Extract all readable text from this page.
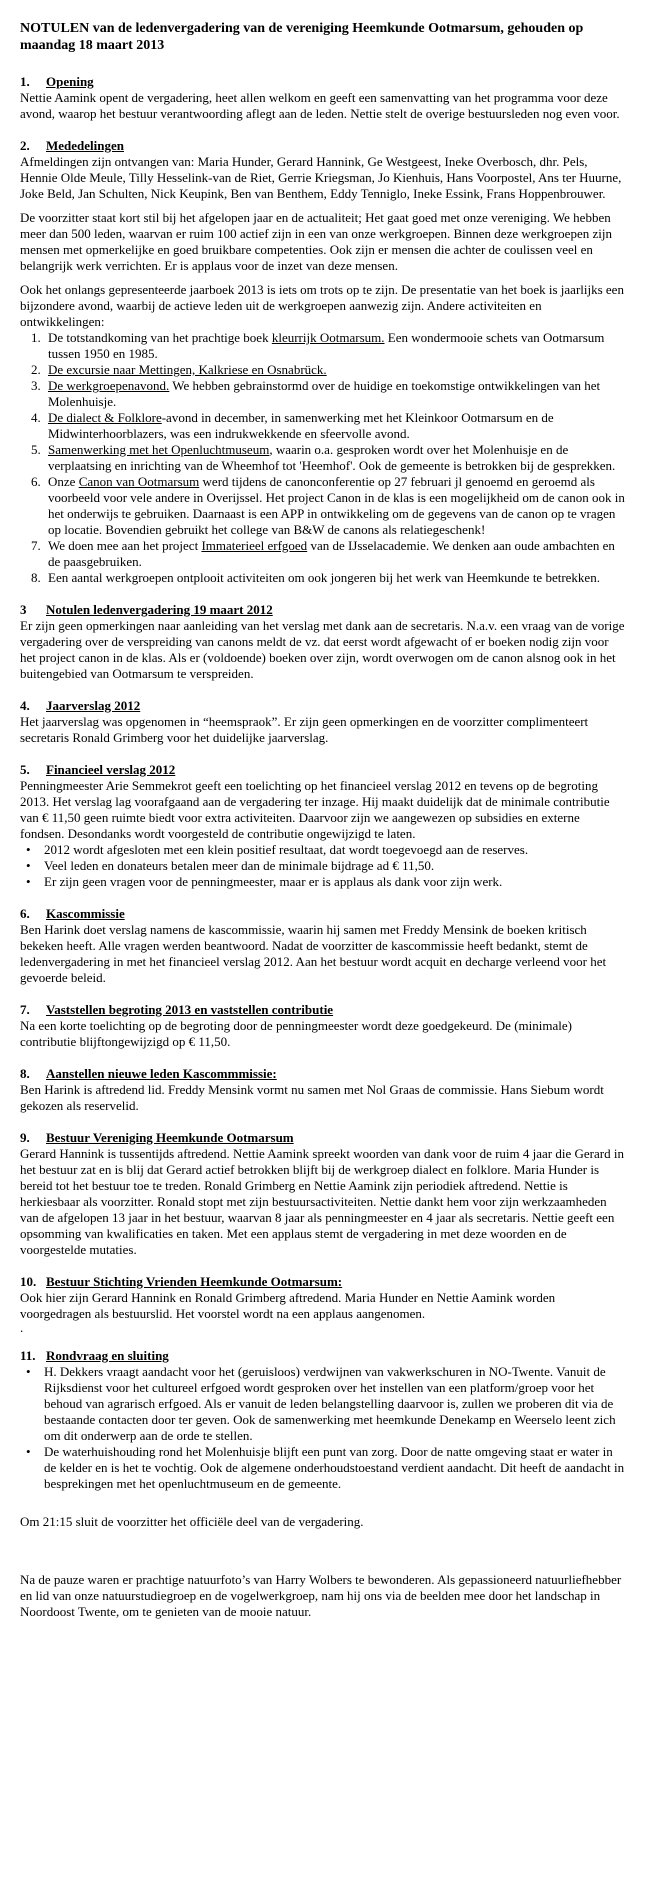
NOTULEN van de ledenvergadering van de vereniging Heemkunde Ootmarsum, gehouden op maandag 18 maart 2013
1. Opening

Nettie Aamink opent de vergadering, heet allen welkom en geeft een samenvatting van het programma voor deze avond, waarop het bestuur verantwoording aflegt aan de leden. Nettie stelt de overige bestuursleden nog even voor.

2. Mededelingen

Afmeldingen zijn ontvangen van: Maria Hunder, Gerard Hannink, Ge Westgeest, Ineke Overbosch, dhr. Pels, Hennie Olde Meule, Tilly Hesselink-van de Riet, Gerrie Kriegsman, Jo Kienhuis, Hans Voorpostel, Ans ter Huurne, Joke Beld, Jan Schulten, Nick Keupink, Ben van Benthem, Eddy Tenniglo, Ineke Essink, Frans Hoppenbrouwer.

De voorzitter staat kort stil bij het afgelopen jaar en de actualiteit; Het gaat goed met onze vereniging. We hebben meer dan 500 leden, waarvan er ruim 100 actief zijn in een van onze werkgroepen. Binnen deze werkgroepen zijn mensen met opmerkelijke en goed bruikbare competenties. Ook zijn er mensen die achter de coulissen veel en belangrijk werk verrichten. Er is applaus voor de inzet van deze mensen.

Ook het onlangs gepresenteerde jaarboek 2013 is iets om trots op te zijn. De presentatie van het boek is jaarlijks een bijzondere avond, waarbij de actieve leden uit de werkgroepen aanwezig zijn. Andere activiteiten en ontwikkelingen:

1. De totstandkoming van het prachtige boek kleurrijk Ootmarsum. Een wondermooie schets van Ootmarsum tussen 1950 en 1985.
2. De excursie naar Mettingen, Kalkriese en Osnabrück.
3. De werkgroepenavond. We hebben gebrainstormd over de huidige en toekomstige ontwikkelingen van het Molenhuisje.
4. De dialect & Folklore-avond in december, in samenwerking met het Kleinkoor Ootmarsum en de Midwinterhoorblazers, was een indrukwekkende en sfeervolle avond.
5. Samenwerking met het Openluchtmuseum, waarin o.a. gesproken wordt over het Molenhuisje en de verplaatsing en inrichting van de Wheemhof tot 'Heemhof'. Ook de gemeente is betrokken bij de gesprekken.
6. Onze Canon van Ootmarsum werd tijdens de canonconferentie op 27 februari jl genoemd en geroemd als voorbeeld voor vele andere in Overijssel. Het project Canon in de klas is een mogelijkheid om de canon ook in het onderwijs te gebruiken. Daarnaast is een APP in ontwikkeling om de gegevens van de canon op te vragen op locatie. Bovendien gebruikt het college van B&W de canons als relatiegeschenk!
7. We doen mee aan het project Immaterieel erfgoed van de IJsselacademie. We denken aan oude ambachten en de paasgebruiken.
8. Een aantal werkgroepen ontplooit activiteiten om ook jongeren bij het werk van Heemkunde te betrekken.
3 Notulen ledenvergadering 19 maart 2012

Er zijn geen opmerkingen naar aanleiding van het verslag met dank aan de secretaris. N.a.v. een vraag van de vorige vergadering over de verspreiding van canons meldt de vz. dat eerst wordt afgewacht of er boeken nodig zijn voor het project canon in de klas. Als er (voldoende) boeken over zijn, wordt overwogen om de canon alsnog ook in het buitengebied van Ootmarsum te verspreiden.

4. Jaarverslag 2012

Het jaarverslag was opgenomen in “heemspraok”. Er zijn geen opmerkingen en de voorzitter complimenteert secretaris Ronald Grimberg voor het duidelijke jaarverslag.

5. Financieel verslag 2012

Penningmeester Arie Semmekrot geeft een toelichting op het financieel verslag 2012 en tevens op de begroting 2013. Het verslag lag voorafgaand aan de vergadering ter inzage. Hij maakt duidelijk dat de minimale contributie van € 11,50 geen ruimte biedt voor extra activiteiten. Daarvoor zijn we aangewezen op subsidies en externe fondsen. Desondanks wordt voorgesteld de contributie ongewijzigd te laten.

• 2012 wordt afgesloten met een klein positief resultaat, dat wordt toegevoegd aan de reserves.
• Veel leden en donateurs betalen meer dan de minimale bijdrage ad € 11,50.
• Er zijn geen vragen voor de penningmeester, maar er is applaus als dank voor zijn werk.
6. Kascommissie

Ben Harink doet verslag namens de kascommissie, waarin hij samen met Freddy Mensink de boeken kritisch bekeken heeft. Alle vragen werden beantwoord. Nadat de voorzitter de kascommissie heeft bedankt, stemt de ledenvergadering in met het financieel verslag 2012. Aan het bestuur wordt acquit en decharge verleend voor het gevoerde beleid.

7. Vaststellen begroting 2013 en vaststellen contributie

Na een korte toelichting op de begroting door de penningmeester wordt deze goedgekeurd. De (minimale) contributie blijftongewijzigd op € 11,50.

8. Aanstellen nieuwe leden Kascommmissie:

Ben Harink is aftredend lid. Freddy Mensink vormt nu samen met Nol Graas de commissie. Hans Siebum wordt gekozen als reservelid.

9. Bestuur Vereniging Heemkunde Ootmarsum

Gerard Hannink is tussentijds aftredend. Nettie Aamink spreekt woorden van dank voor de ruim 4 jaar die Gerard in het bestuur zat en is blij dat Gerard actief betrokken blijft bij de werkgroep dialect en folklore. Maria Hunder is bereid tot het bestuur toe te treden. Ronald Grimberg en Nettie Aamink zijn periodiek aftredend. Nettie is herkiesbaar als voorzitter. Ronald stopt met zijn bestuursactiviteiten. Nettie dankt hem voor zijn werkzaamheden van de afgelopen 13 jaar in het bestuur, waarvan 8 jaar als penningmeester en 4 jaar als secretaris. Nettie geeft een opsomming van kwalificaties en taken. Met een applaus stemt de vergadering in met deze woorden en de voorgestelde mutaties.

10. Bestuur Stichting Vrienden Heemkunde Ootmarsum:

Ook hier zijn Gerard Hannink en Ronald Grimberg aftredend. Maria Hunder en Nettie Aamink worden voorgedragen als bestuurslid. Het voorstel wordt na een applaus aangenomen.

.
11. Rondvraag en sluiting
• H. Dekkers vraagt aandacht voor het (geruisloos) verdwijnen van vakwerkschuren in NO-Twente. Vanuit de Rijksdienst voor het cultureel erfgoed wordt gesproken over het instellen van een platform/groep voor het behoud van agrarisch erfgoed. Als er vanuit de leden belangstelling daarvoor is, zullen we proberen dit via de bestaande contacten door ter geven. Ook de samenwerking met heemkunde Denekamp en Weerselo leent zich om dit onderwerp aan de orde te stellen.
• De waterhuishouding rond het Molenhuisje blijft een punt van zorg. Door de natte omgeving staat er water in de kelder en is het te vochtig. Ook de algemene onderhoudstoestand verdient aandacht. Dit heeft de aandacht in besprekingen met het openluchtmuseum en de gemeente.

Om 21:15 sluit de voorzitter het officiële deel van de vergadering.

Na de pauze waren er prachtige natuurfoto’s van Harry Wolbers te bewonderen. Als gepassioneerd natuurliefhebber en lid van onze natuurstudiegroep en de vogelwerkgroep, nam hij ons via de beelden mee door het landschap in Noordoost Twente, om te genieten van de mooie natuur.
